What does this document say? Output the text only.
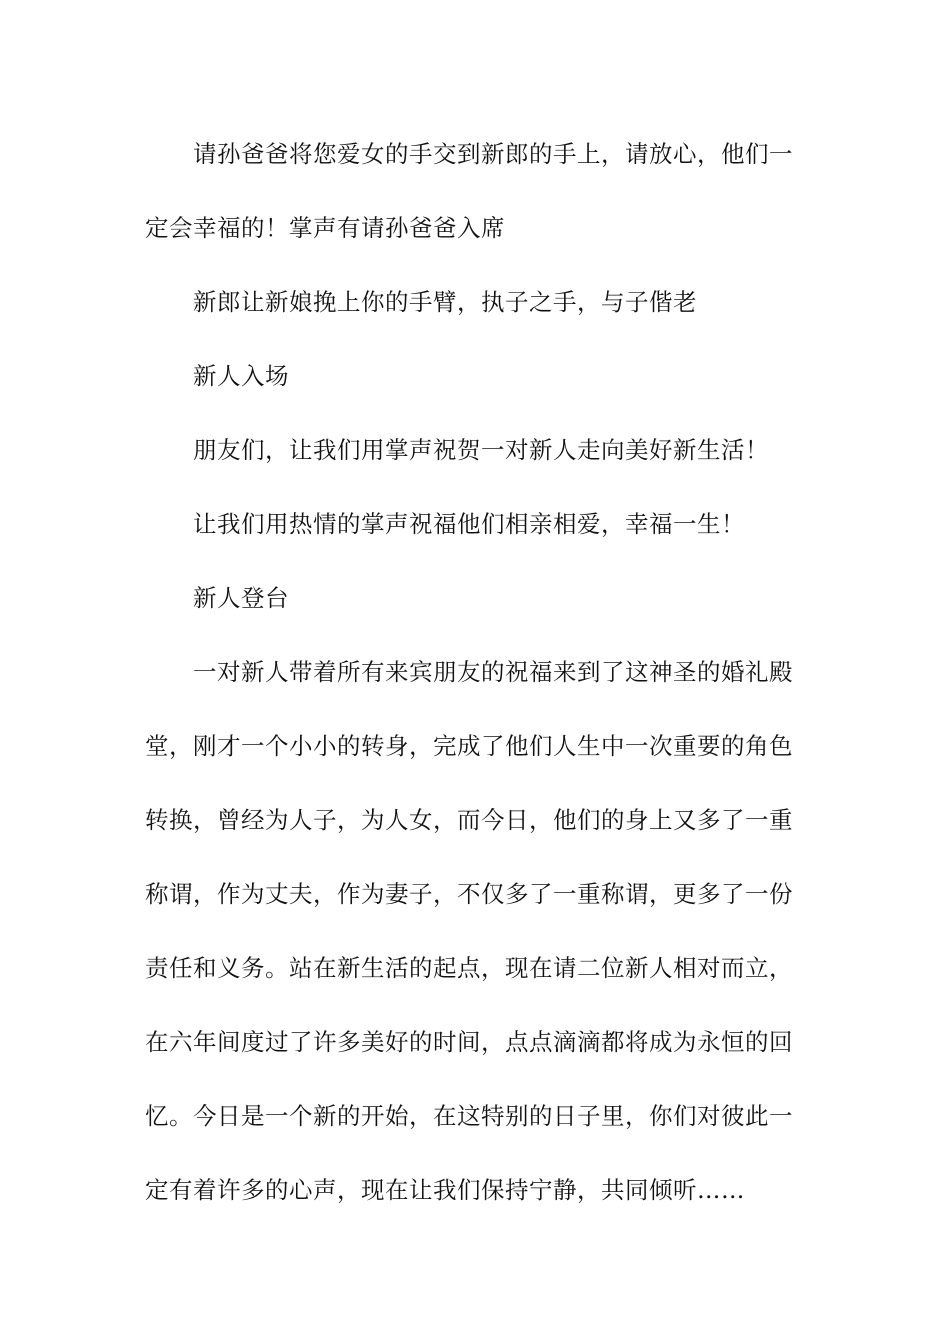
请孙爸爸将您爱女的手交到新郎的手上，请放心，他们一
定会幸福的！掌声有请孙爸爸入席
新郎让新娘挽上你的手臂，执子之手，与子偕老
新人入场
朋友们，让我们用掌声祝贺一对新人走向美好新生活！
让我们用热情的掌声祝福他们相亲相爱，幸福一生！
新人登台
一对新人带着所有来宾朋友的祝福来到了这神圣的婚礼殿
堂，刚才一个小小的转身，完成了他们人生中一次重要的角色
转换，曾经为人子，为人女，而今日，他们的身上又多了一重
称谓，作为丈夫，作为妻子，不仅多了一重称谓，更多了一份
责任和义务。站在新生活的起点，现在请二位新人相对而立，
在六年间度过了许多美好的时间，点点滴滴都将成为永恒的回
忆。今日是一个新的开始，在这特别的日子里，你们对彼此一
定有着许多的心声，现在让我们保持宁静，共同倾听……
